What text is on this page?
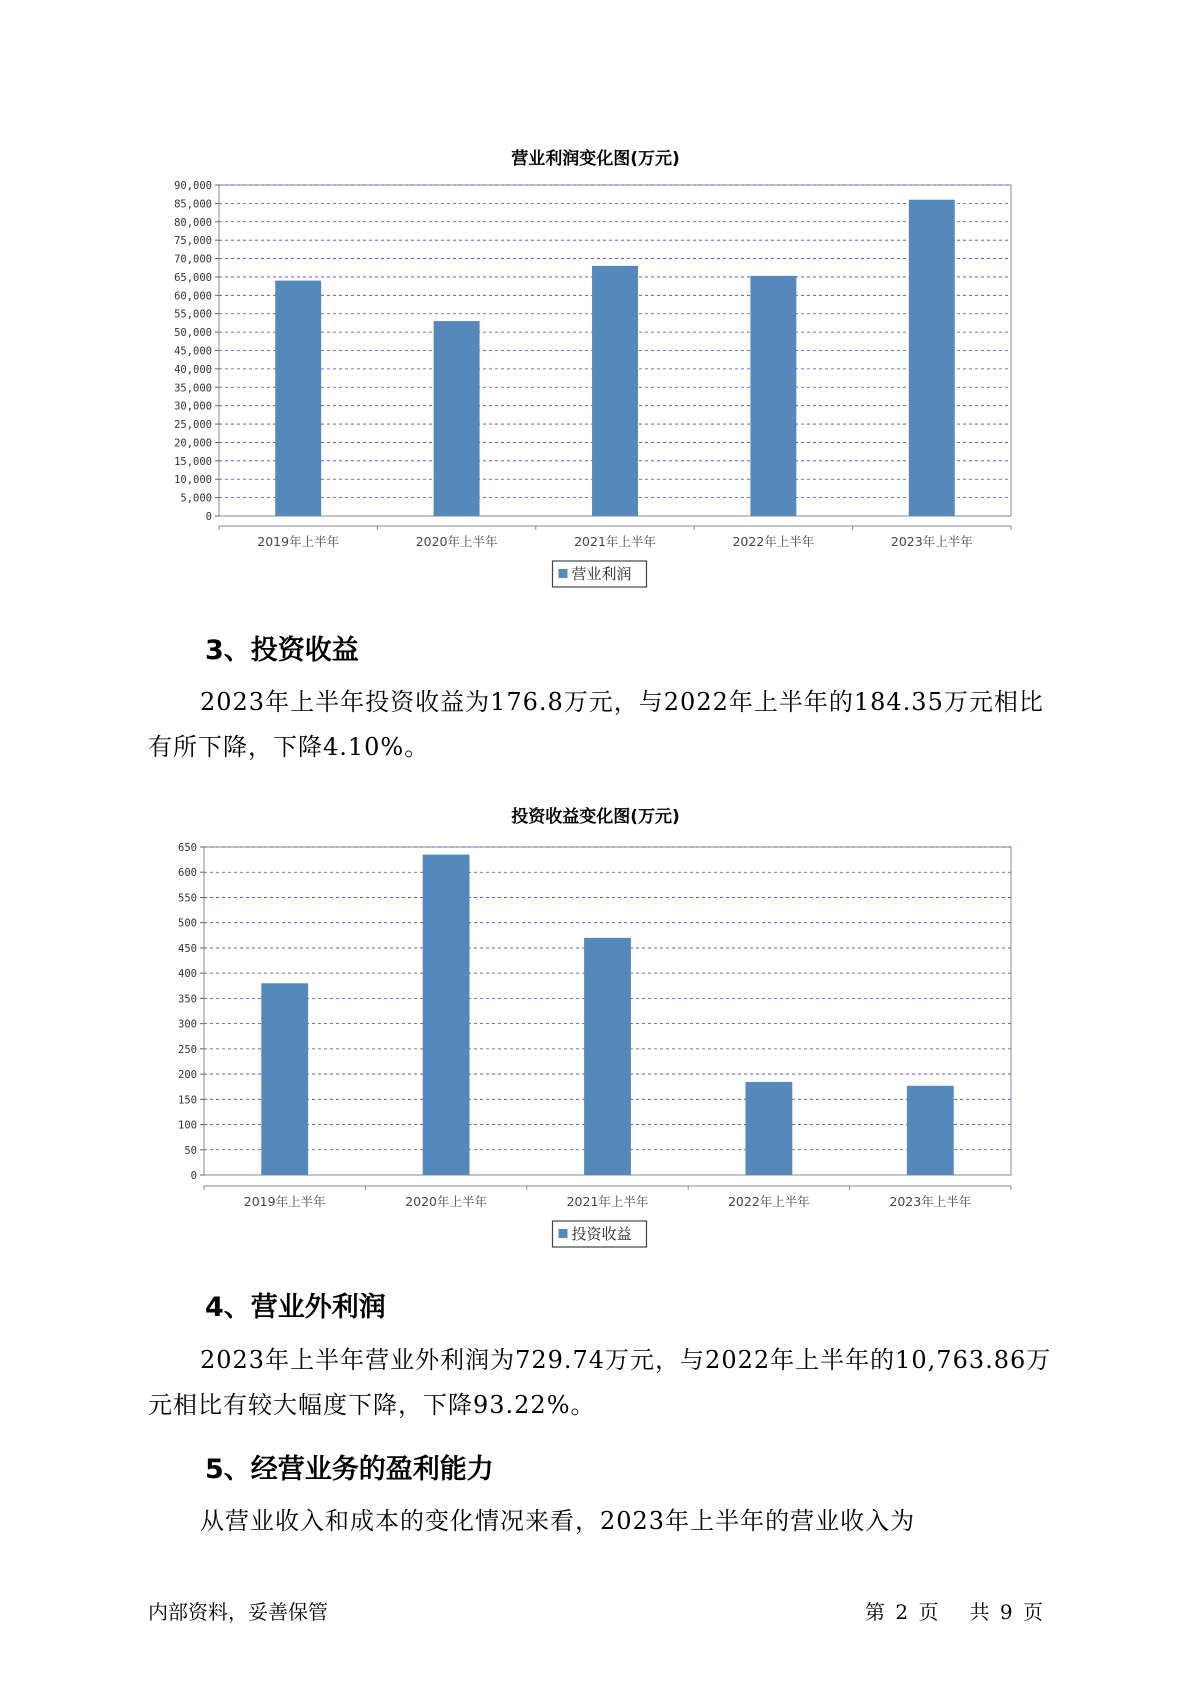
营业利润变化图(万元)
0
5,000
10,000
15,000
20,000
25,000
30,000
35,000
40,000
45,000
50,000
55,000
60,000
65,000
70,000
75,000
80,000
85,000
90,000
2019年上半年	2020年上半年	2021年上半年	2022年上半年	2023年上半年
营业利润
3、投资收益

2023年上半年投资收益为176.8万元，与2022年上半年的184.35万元相比有所下降，下降4.10%。

投资收益变化图(万元)
0
50
100
150
200
250
300
350
400
450
500
550
600
650
2019年上半年	2020年上半年	2021年上半年	2022年上半年	2023年上半年
投资收益
4、营业外利润

2023年上半年营业外利润为729.74万元，与2022年上半年的10,763.86万元相比有较大幅度下降，下降93.22%。

5、经营业务的盈利能力

从营业收入和成本的变化情况来看，2023年上半年的营业收入为

内部资料，妥善保管	第 2 页 共 9 页
